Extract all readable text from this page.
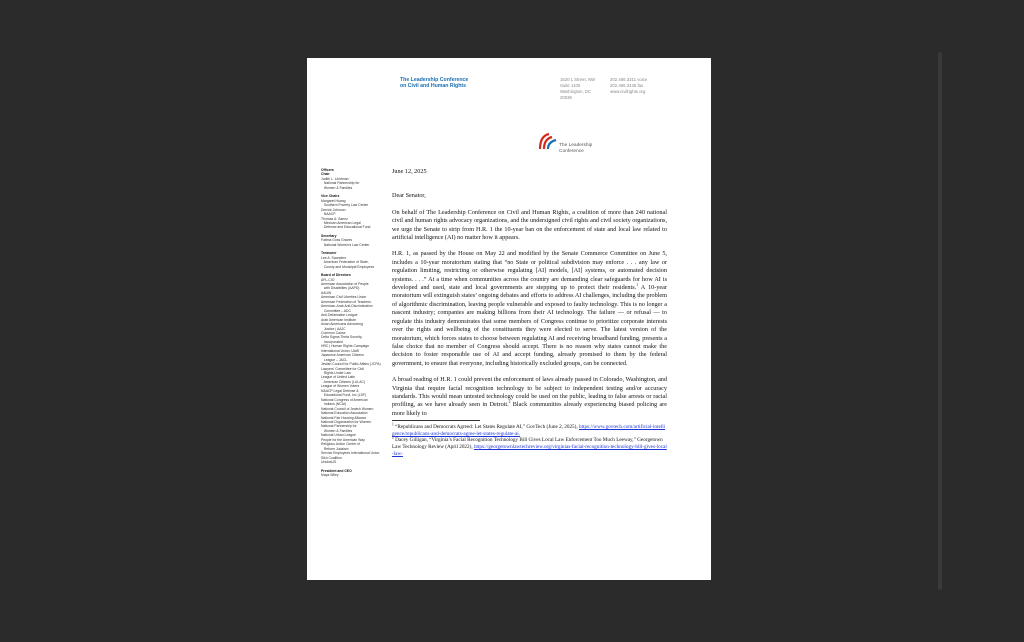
The Leadership Conference
on Civil and Human Rights
1620 L Street, NW
Suite 1100
Washington, DC
20036
202.466.3311 voice
202.466.3435 fax
www.civilrights.org
The Leadership
Conference
Officers
Chair
Judith L. Lichtman
National Partnership for
Women & Families
Vice Chairs
Margaret Huang
Southern Poverty Law Center
Derrick Johnson
NAACP
Thomas A. Saenz
Mexican American Legal
Defense and Educational Fund
Secretary
Fatima Goss Graves
National Women's Law Center
Treasurer
Lee A. Saunders
American Federation of State,
County and Municipal Employees
Board of Directors
AFL-CIO
American Association of People
with Disabilities (AAPD)
AAUW
American Civil Liberties Union
American Federation of Teachers
American-Arab Anti-Discrimination
Committee – ADC
Anti-Defamation League
Arab American Institute
Asian Americans Advancing
Justice | AAJC
Common Cause
Delta Sigma Theta Sorority,
Incorporated
HRC | Human Rights Campaign
International Union, UAW
Japanese American Citizens
League – JACL
Jewish Council for Public Affairs (JCPA)
Lawyers' Committee for Civil
Rights Under Law
League of United Latin
American Citizens (LULAC)
League of Women Voters
NAACP Legal Defense &
Educational Fund, Inc (LDF)
National Congress of American
Indians (NCAI)
National Council of Jewish Women
National Education Association
National Fair Housing Alliance
National Organization for Women
National Partnership for
Women & Families
National Urban League
People for the American Way
Religious Action Center of
Reform Judaism
Service Employees International Union
Sikh Coalition
UnidosUS
President and CEO
Maya Wiley

June 12, 2025

Dear Senator,

On behalf of The Leadership Conference on Civil and Human Rights, a coalition of more than 240 national civil and human rights advocacy organizations, and the undersigned civil rights and civil society organizations, we urge the Senate to strip from H.R. 1 the 10-year ban on the enforcement of state and local law related to artificial intelligence (AI) no matter how it appears.

H.R. 1, as passed by the House on May 22 and modified by the Senate Commerce Committee on June 5, includes a 10-year moratorium stating that “no State or political subdivision may enforce . . . any law or regulation limiting, restricting or otherwise regulating [AI] models, [AI] systems, or automated decision systems. . . .” At a time when communities across the country are demanding clear safeguards for how AI is developed and used, state and local governments are stepping up to protect their residents.$^1$ A 10-year moratorium will extinguish states’ ongoing debates and efforts to address AI challenges, including the problem of algorithmic discrimination, leaving people vulnerable and exposed to faulty technology. This is no longer a nascent industry; companies are making billions from their AI technology. The failure — or refusal — to regulate this industry demonstrates that some members of Congress continue to prioritize corporate interests over the rights and wellbeing of the constituents they were elected to serve. The latest version of the moratorium, which forces states to choose between regulating AI and receiving broadband funding, presents a false choice that no member of Congress should accept. There is no reason why states cannot make the decision to foster responsible use of AI and accept funding, already promised to them by the federal government, to ensure that everyone, including historically excluded groups, can be connected.

A broad reading of H.R. 1 could prevent the enforcement of laws already passed in Colorado, Washington, and Virginia that require facial recognition technology to be subject to independent testing and/or accuracy standards. This would mean untested technology could be used on the public, leading to false arrests or racial profiling, as we have already seen in Detroit.$^2$ Black communities already experiencing biased policing are more likely to

$^1$ “Republicans and Democrats Agreed: Let States Regulate AI,” GovTech (June 2, 2025), https://www.govtech.com/artificial-intelligence/republicans-and-democrats-agree-let-states-regulate-ai.

$^2$ Dacey Gilligan, “Virginia’s Facial Recognition Technology Bill Gives Local Law Enforcement Too Much Leeway,” Georgetown Law Technology Review (April 2022), https://georgetownlawtechreview.org/virginias-facial-recognition-technology-bill-gives-local-law-
